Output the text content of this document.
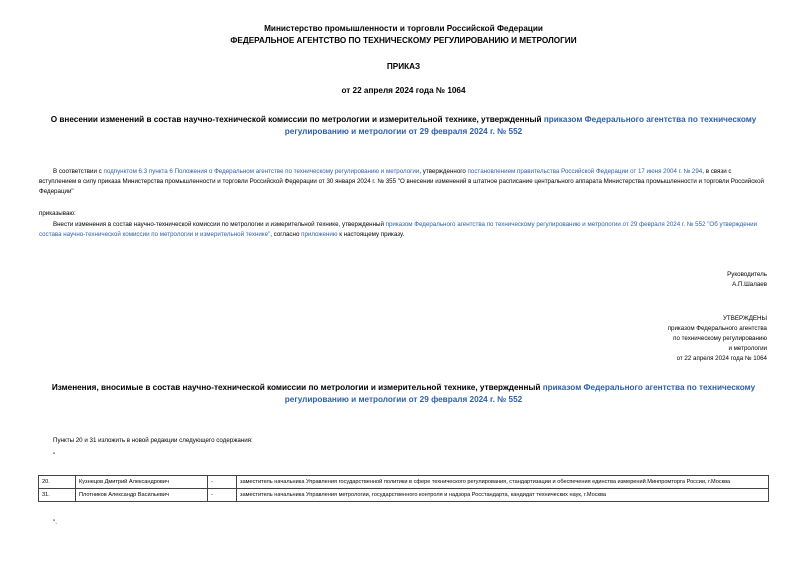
Министерство промышленности и торговли Российской Федерации
ФЕДЕРАЛЬНОЕ АГЕНТСТВО ПО ТЕХНИЧЕСКОМУ РЕГУЛИРОВАНИЮ И МЕТРОЛОГИИ
ПРИКАЗ
от 22 апреля 2024 года № 1064
О внесении изменений в состав научно-технической комиссии по метрологии и измерительной технике, утвержденный приказом Федерального агентства по техническому регулированию и метрологии от 29 февраля 2024 г. № 552
В соответствии с подпунктом 6.3 пункта 6 Положения о Федеральном агентстве по техническому регулированию и метрологии, утвержденного постановлением правительства Российской Федерации от 17 июня 2004 г. № 294, в связи с вступлением в силу приказа Министерства промышленности и торговли Российской Федерации от 30 января 2024 г. № 355 "О внесении изменений в штатное расписание центрального аппарата Министерства промышленности и торговли Российской Федерации"
приказываю:
Внести изменения в состав научно-технической комиссии по метрологии и измерительной технике, утвержденный приказом Федерального агентства по техническому регулированию и метрологии от 29 февраля 2024 г. № 552 "Об утверждении состава научно-технической комиссии по метрологии и измерительной технике", согласно приложению к настоящему приказу.
Руководитель
А.П.Шалаев
УТВЕРЖДЕНЫ
приказом Федерального агентства
по техническому регулированию
и метрологии
от 22 апреля 2024 года № 1064
Изменения, вносимые в состав научно-технической комиссии по метрологии и измерительной технике, утвержденный приказом Федерального агентства по техническому регулированию и метрологии от 29 февраля 2024 г. № 552
Пункты 20 и 31 изложить в новой редакции следующего содержания:
"
20.	Кузнецов Дмитрий Александрович	-	заместитель начальника Управления государственной политики в сфере технического регулирования, стандартизации и обеспечения единства измерений Минпромторга России, г.Москва
31.	Плотников Александр Васильевич	-	заместитель начальника Управления метрологии, государственного контроля и надзора Росстандарта, кандидат технических наук, г.Москва
".
